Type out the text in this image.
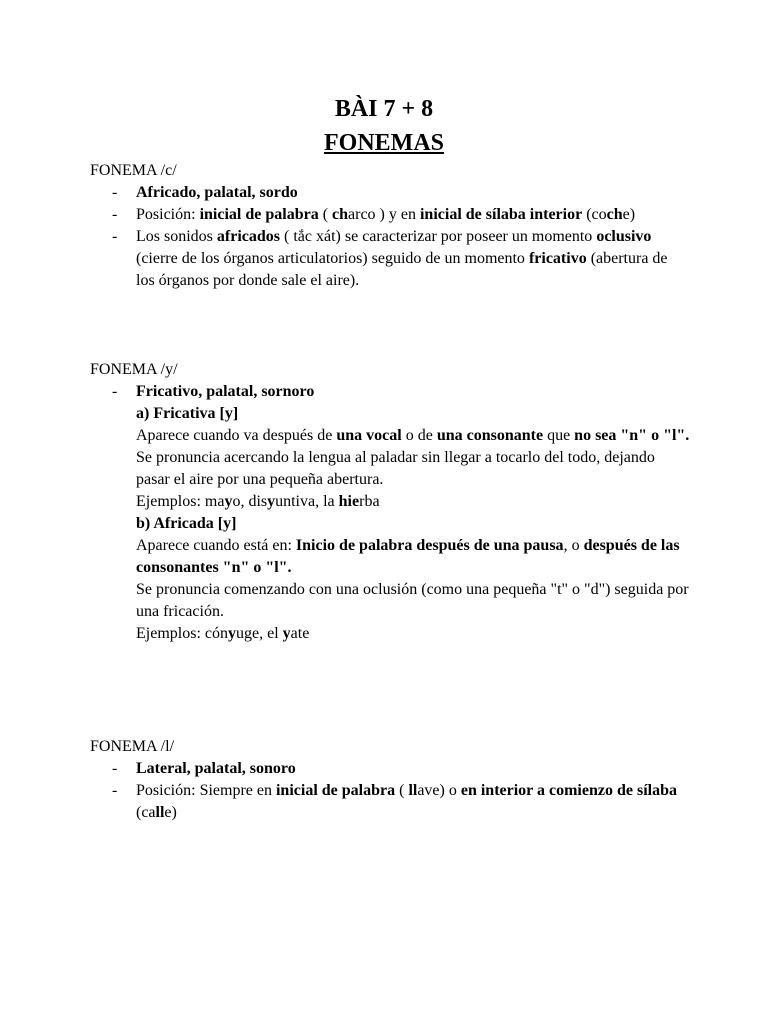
BÀI 7 + 8
FONEMAS
FONEMA /c/
- Africado, palatal, sordo
- Posición: inicial de palabra ( charco ) y en inicial de sílaba interior (coche)
- Los sonidos africados ( tắc xát) se caracterizar por poseer un momento oclusivo (cierre de los órganos articulatorios) seguido de un momento fricativo (abertura de los órganos por donde sale el aire).
FONEMA /y/
- Fricativo, palatal, sornoro
a) Fricativa [y]
Aparece cuando va después de una vocal o de una consonante que no sea "n" o "l".
Se pronuncia acercando la lengua al paladar sin llegar a tocarlo del todo, dejando pasar el aire por una pequeña abertura.
Ejemplos: mayo, disyuntiva, la hierba
b) Africada [y]
Aparece cuando está en: Inicio de palabra después de una pausa, o después de las consonantes "n" o "l".
Se pronuncia comenzando con una oclusión (como una pequeña "t" o "d") seguida por una fricación.
Ejemplos: cónyuge, el yate
FONEMA /l/
- Lateral, palatal, sonoro
- Posición: Siempre en inicial de palabra ( llave) o en interior a comienzo de sílaba (calle)
